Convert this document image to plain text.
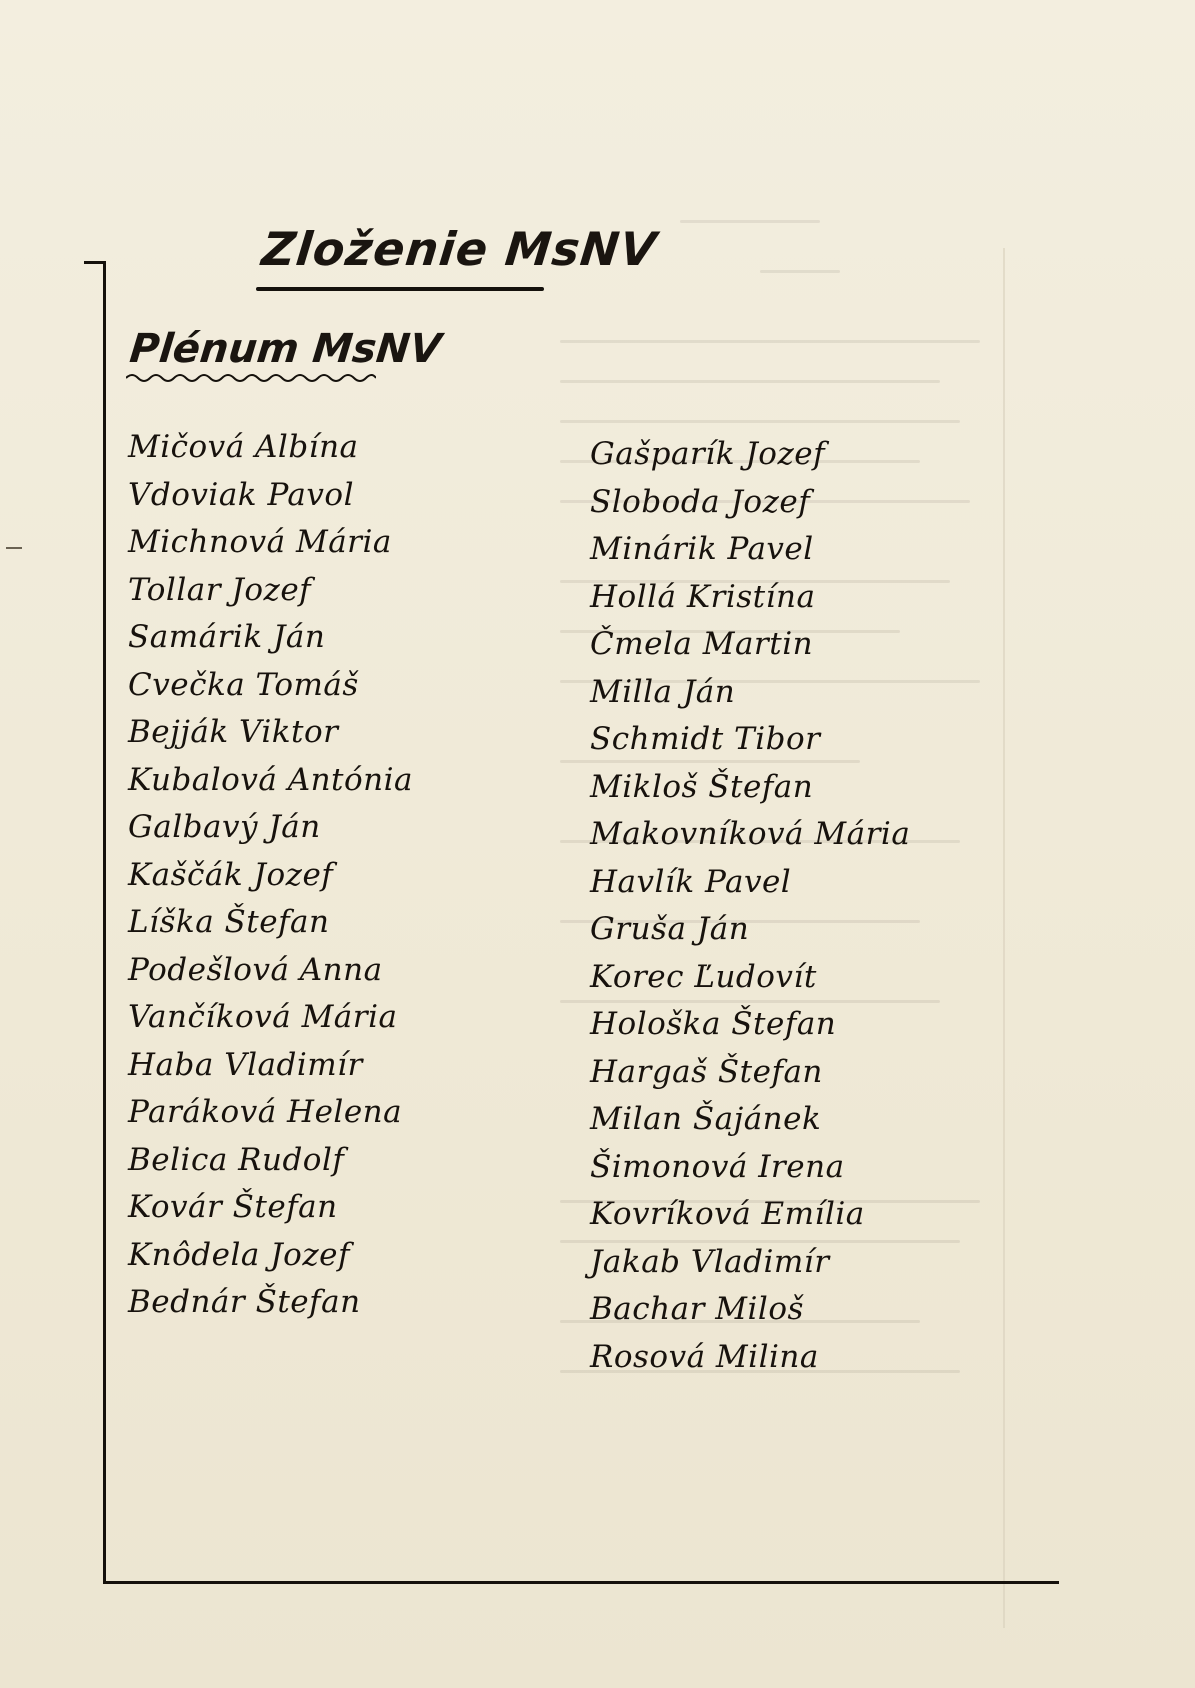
Zloženie MsNV
Plénum MsNV
Mičová Albína
Vdoviak Pavol
Michnová Mária
Tollar Jozef
Samárik Ján
Cvečka Tomáš
Bejják Viktor
Kubalová Antónia
Galbavý Ján
Kaščák Jozef
Líška Štefan
Podešlová Anna
Vančíková Mária
Haba Vladimír
Paráková Helena
Belica Rudolf
Kovár Štefan
Knôdela Jozef
Bednár Štefan
Gašparík Jozef
Sloboda Jozef
Minárik Pavel
Hollá Kristína
Čmela Martin
Milla Ján
Schmidt Tibor
Mikloš Štefan
Makovníková Mária
Havlík Pavel
Gruša Ján
Korec Ľudovít
Hološka Štefan
Hargaš Štefan
Milan Šajánek
Šimonová Irena
Kovríková Emília
Jakab Vladimír
Bachar Miloš
Rosová Milina
